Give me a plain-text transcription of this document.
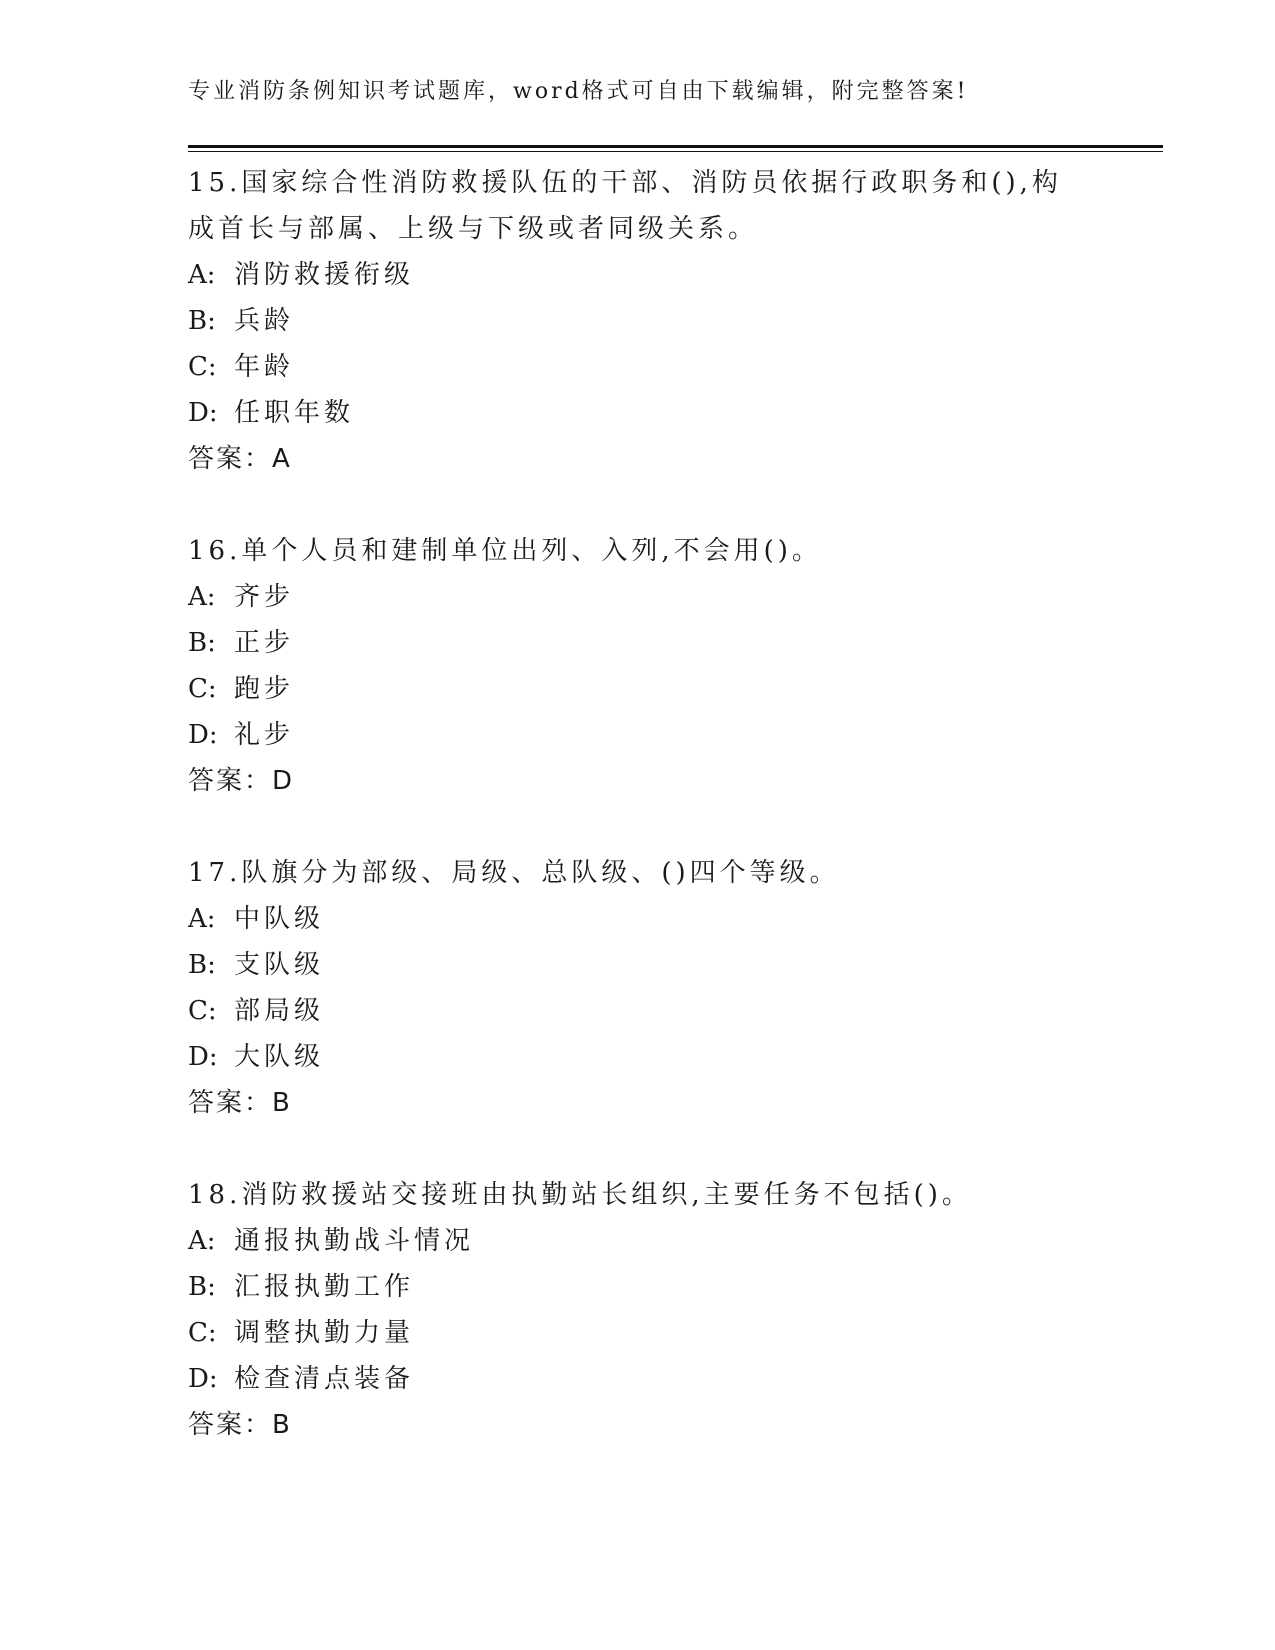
专业消防条例知识考试题库，word格式可自由下载编辑，附完整答案!
15.国家综合性消防救援队伍的干部、消防员依据行政职务和(),构成首长与部属、上级与下级或者同级关系。
A: 消防救援衔级
B: 兵龄
C: 年龄
D: 任职年数
答案：A
16.单个人员和建制单位出列、入列,不会用()。
A: 齐步
B: 正步
C: 跑步
D: 礼步
答案：D
17.队旗分为部级、局级、总队级、()四个等级。
A: 中队级
B: 支队级
C: 部局级
D: 大队级
答案：B
18.消防救援站交接班由执勤站长组织,主要任务不包括()。
A: 通报执勤战斗情况
B: 汇报执勤工作
C: 调整执勤力量
D: 检查清点装备
答案：B
